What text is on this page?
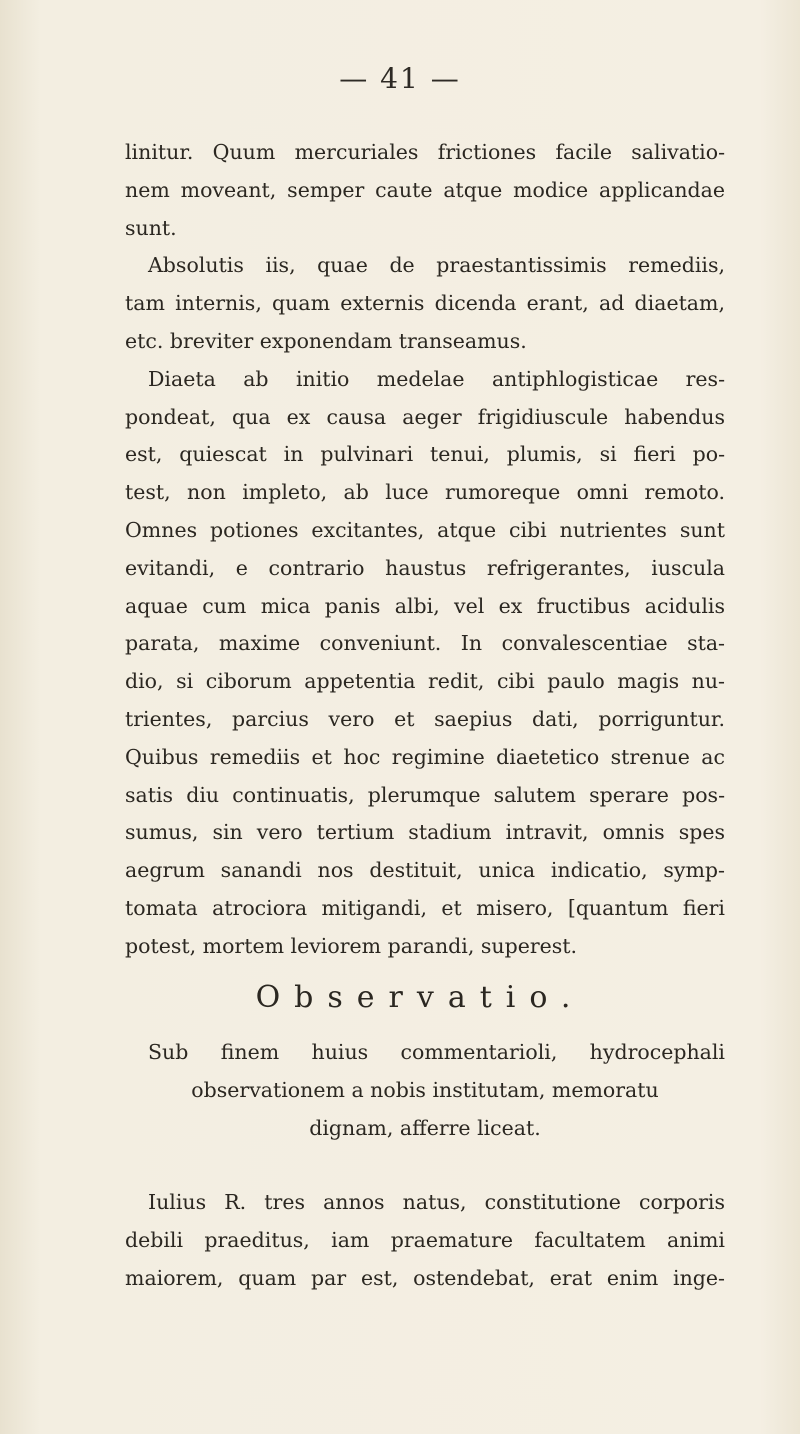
— 41 —
linitur. Quum mercuriales frictiones facile salivatio-
nem moveant, semper caute atque modice applicandae
sunt.
Absolutis iis, quae de praestantissimis remediis,
tam internis, quam externis dicenda erant, ad diaetam,
etc. breviter exponendam transeamus.
Diaeta ab initio medelae antiphlogisticae res-
pondeat, qua ex causa aeger frigidiuscule habendus
est, quiescat in pulvinari tenui, plumis, si fieri po-
test, non impleto, ab luce rumoreque omni remoto.
Omnes potiones excitantes, atque cibi nutrientes sunt
evitandi, e contrario haustus refrigerantes, iuscula
aquae cum mica panis albi, vel ex fructibus acidulis
parata, maxime conveniunt. In convalescentiae sta-
dio, si ciborum appetentia redit, cibi paulo magis nu-
trientes, parcius vero et saepius dati, porriguntur.
Quibus remediis et hoc regimine diaetetico strenue ac
satis diu continuatis, plerumque salutem sperare pos-
sumus, sin vero tertium stadium intravit, omnis spes
aegrum sanandi nos destituit, unica indicatio, symp-
tomata atrociora mitigandi, et misero, [quantum fieri
potest, mortem leviorem parandi, superest.
Observatio.
Sub finem huius commentarioli, hydrocephali
observationem a nobis institutam, memoratu
dignam, afferre liceat.
Iulius R. tres annos natus, constitutione corporis
debili praeditus, iam praemature facultatem animi
maiorem, quam par est, ostendebat, erat enim inge-
